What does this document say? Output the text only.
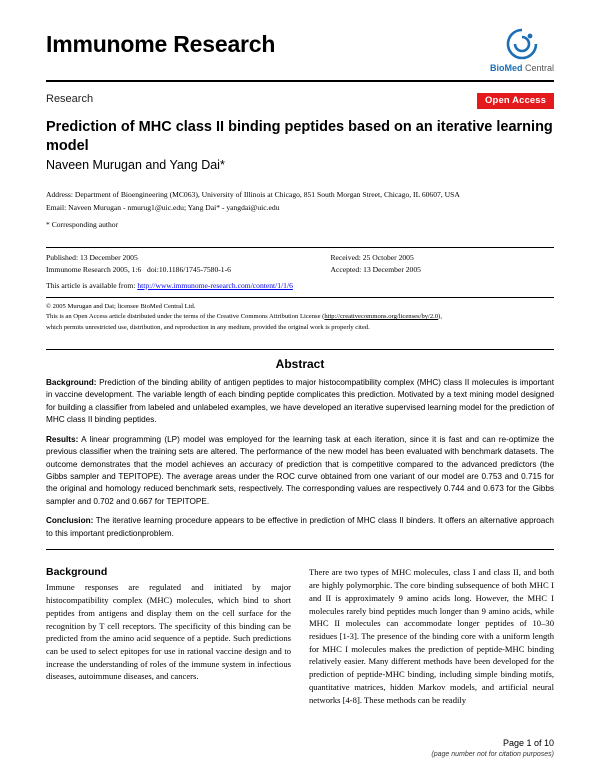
Immunome Research
BioMed Central
Research	Open Access
Prediction of MHC class II binding peptides based on an iterative learning model
Naveen Murugan and Yang Dai*
Address: Department of Bioengineering (MC063), University of Illinois at Chicago, 851 South Morgan Street, Chicago, IL 60607, USA
Email: Naveen Murugan - nmurug1@uic.edu; Yang Dai* - yangdai@uic.edu
* Corresponding author
Published: 13 December 2005	Received: 25 October 2005
Immunome Research 2005, 1:6 doi:10.1186/1745-7580-1-6	Accepted: 13 December 2005
This article is available from: http://www.immunome-research.com/content/1/1/6
© 2005 Murugan and Dai; licensee BioMed Central Ltd.
This is an Open Access article distributed under the terms of the Creative Commons Attribution License (http://creativecommons.org/licenses/by/2.0),
which permits unrestricted use, distribution, and reproduction in any medium, provided the original work is properly cited.
Abstract

Background: Prediction of the binding ability of antigen peptides to major histocompatibility complex (MHC) class II molecules is important in vaccine development. The variable length of each binding peptide complicates this prediction. Motivated by a text mining model designed for building a classifier from labeled and unlabeled examples, we have developed an iterative supervised learning model for the prediction of MHC class II binding peptides.

Results: A linear programming (LP) model was employed for the learning task at each iteration, since it is fast and can re-optimize the previous classifier when the training sets are altered. The performance of the new model has been evaluated with benchmark datasets. The outcome demonstrates that the model achieves an accuracy of prediction that is competitive compared to the advanced predictors (the Gibbs sampler and TEPITOPE). The average areas under the ROC curve obtained from one variant of our model are 0.753 and 0.715 for the original and homology reduced benchmark sets, respectively. The corresponding values are respectively 0.744 and 0.673 for the Gibbs sampler and 0.702 and 0.667 for TEPITOPE.

Conclusion: The iterative learning procedure appears to be effective in prediction of MHC class II binders. It offers an alternative approach to this important predictionproblem.

Background

Immune responses are regulated and initiated by major histocompatibility complex (MHC) molecules, which bind to short peptides from antigens and display them on the cell surface for the recognition by T cell receptors. The specificity of this binding can be predicted from the amino acid sequence of a peptide. Such predictions can be used to select epitopes for use in rational vaccine design and to increase the understanding of roles of the immune system in infectious diseases, autoimmune diseases, and cancers.

There are two types of MHC molecules, class I and class II, and both are highly polymorphic. The core binding subsequence of both MHC I and II is approximately 9 amino acids long. However, the MHC I molecules rarely bind peptides much longer than 9 amino acids, while MHC II molecules can accommodate longer peptides of 10–30 residues [1-3]. The presence of the binding core with a uniform length for MHC I molecules makes the prediction of peptide-MHC binding relatively easier. Many different methods have been developed for the prediction of peptide-MHC binding, including simple binding motifs, quantitative matrices, hidden Markov models, and artificial neural networks [4-8]. These methods can be readily

Page 1 of 10
(page number not for citation purposes)
